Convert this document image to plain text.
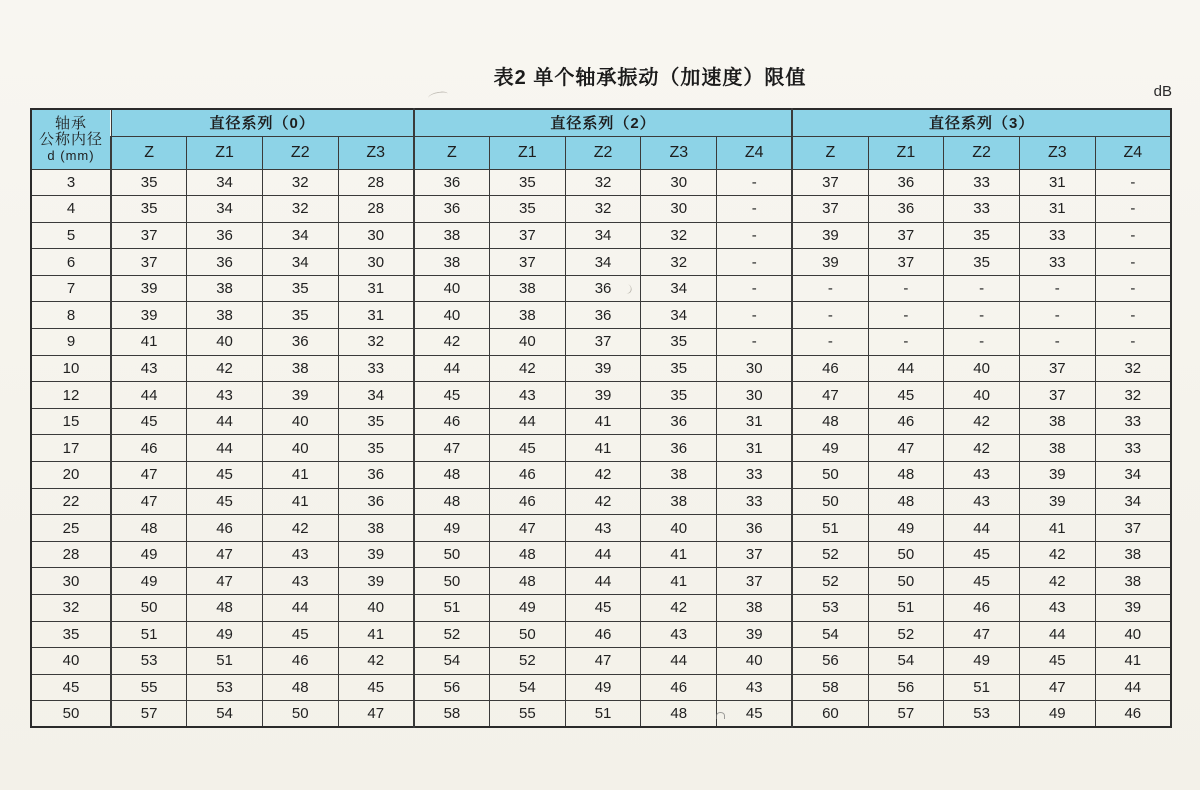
表2 单个轴承振动（加速度）限值
dB
轴承
公称内径
d (mm)	直径系列（0）				直径系列（2）					直径系列（3）				
	Z	Z1	Z2	Z3	Z	Z1	Z2	Z3	Z4	Z	Z1	Z2	Z3	Z4
3	35	34	32	28	36	35	32	30	-	37	36	33	31	-
4	35	34	32	28	36	35	32	30	-	37	36	33	31	-
5	37	36	34	30	38	37	34	32	-	39	37	35	33	-
6	37	36	34	30	38	37	34	32	-	39	37	35	33	-
7	39	38	35	31	40	38	36	34	-	-	-	-	-	-
8	39	38	35	31	40	38	36	34	-	-	-	-	-	-
9	41	40	36	32	42	40	37	35	-	-	-	-	-	-
10	43	42	38	33	44	42	39	35	30	46	44	40	37	32
12	44	43	39	34	45	43	39	35	30	47	45	40	37	32
15	45	44	40	35	46	44	41	36	31	48	46	42	38	33
17	46	44	40	35	47	45	41	36	31	49	47	42	38	33
20	47	45	41	36	48	46	42	38	33	50	48	43	39	34
22	47	45	41	36	48	46	42	38	33	50	48	43	39	34
25	48	46	42	38	49	47	43	40	36	51	49	44	41	37
28	49	47	43	39	50	48	44	41	37	52	50	45	42	38
30	49	47	43	39	50	48	44	41	37	52	50	45	42	38
32	50	48	44	40	51	49	45	42	38	53	51	46	43	39
35	51	49	45	41	52	50	46	43	39	54	52	47	44	40
40	53	51	46	42	54	52	47	44	40	56	54	49	45	41
45	55	53	48	45	56	54	49	46	43	58	56	51	47	44
50	57	54	50	47	58	55	51	48	45	60	57	53	49	46
